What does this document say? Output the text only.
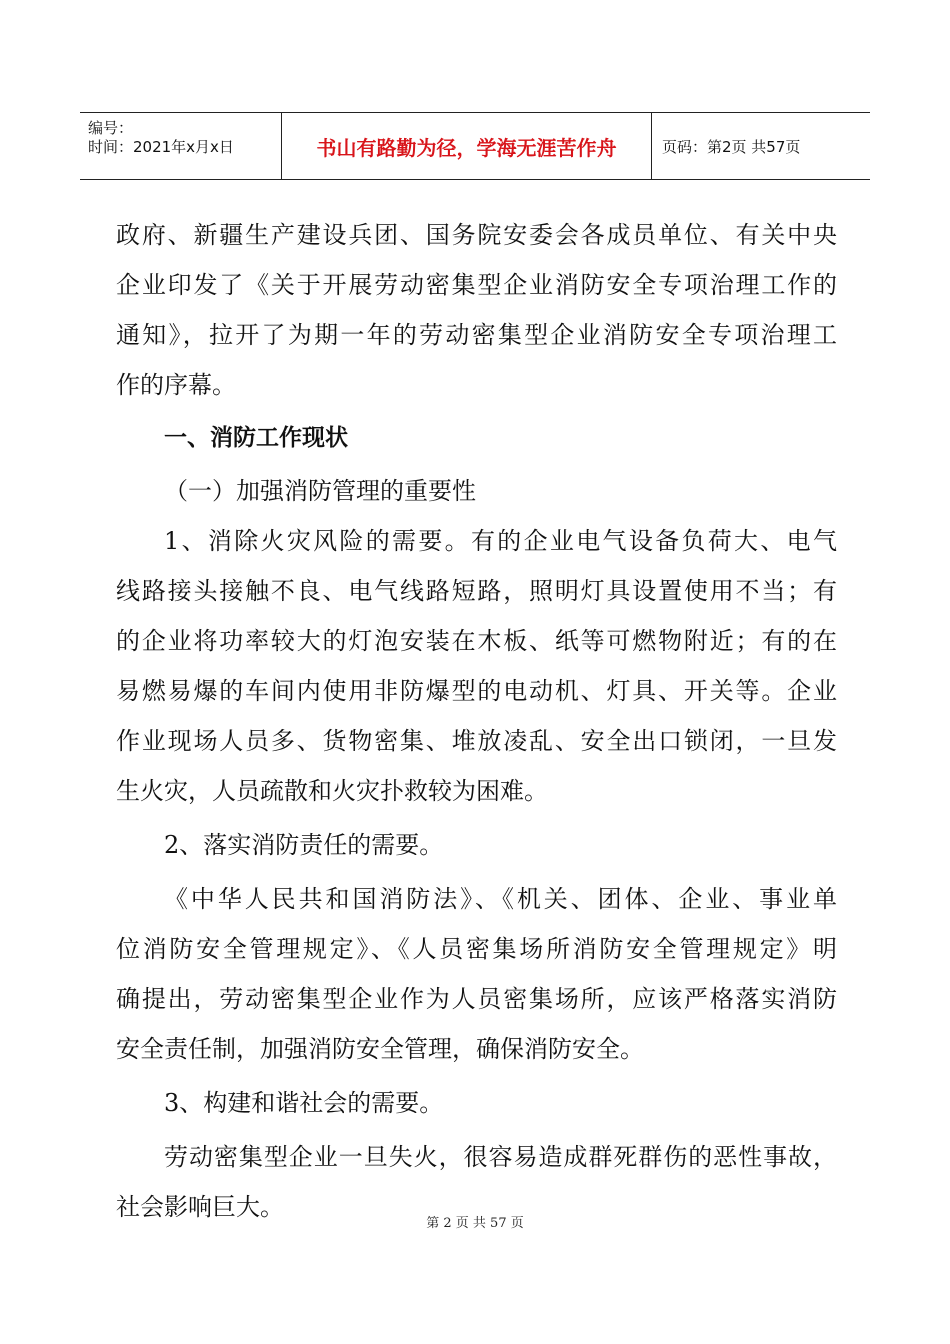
编号：
时间：2021年x月x日	书山有路勤为径，学海无涯苦作舟	页码：第2页 共57页
政府、新疆生产建设兵团、国务院安委会各成员单位、有关中央
企业印发了《关于开展劳动密集型企业消防安全专项治理工作的
通知》，拉开了为期一年的劳动密集型企业消防安全专项治理工
作的序幕。
一、消防工作现状
（一）加强消防管理的重要性
1、消除火灾风险的需要。有的企业电气设备负荷大、电气
线路接头接触不良、电气线路短路，照明灯具设置使用不当；有
的企业将功率较大的灯泡安装在木板、纸等可燃物附近；有的在
易燃易爆的车间内使用非防爆型的电动机、灯具、开关等。企业
作业现场人员多、货物密集、堆放凌乱、安全出口锁闭，一旦发
生火灾，人员疏散和火灾扑救较为困难。
2、落实消防责任的需要。
《中华人民共和国消防法》、《机关、团体、企业、事业单
位消防安全管理规定》、《人员密集场所消防安全管理规定》明
确提出，劳动密集型企业作为人员密集场所，应该严格落实消防
安全责任制，加强消防安全管理，确保消防安全。
3、构建和谐社会的需要。
劳动密集型企业一旦失火，很容易造成群死群伤的恶性事故，
社会影响巨大。
第 2 页 共 57 页
